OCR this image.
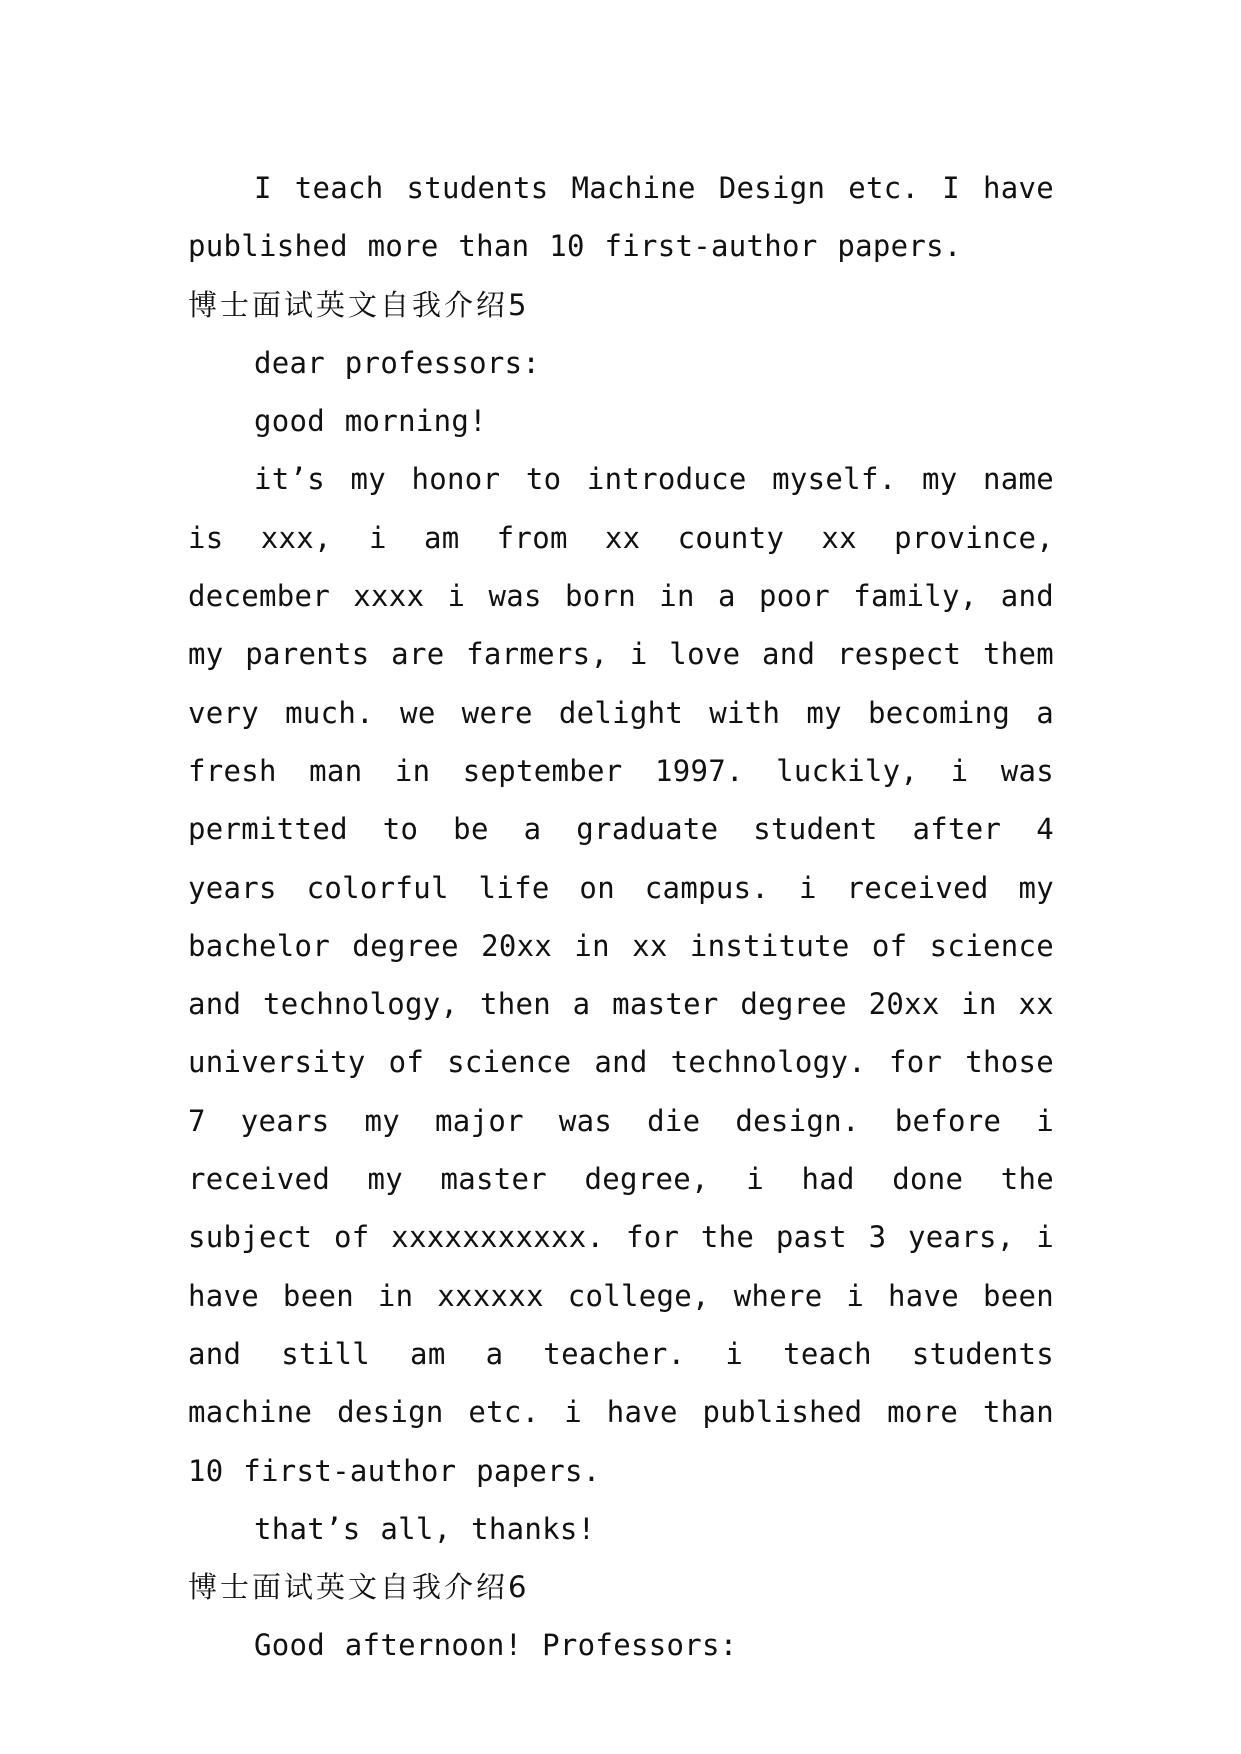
I teach students Machine Design etc. I have published more than 10 first-author papers.

博士面试英文自我介绍5

dear professors:

good morning!

it’s my honor to introduce myself. my name is xxx, i am from xx county xx province, december xxxx i was born in a poor family, and my parents are farmers, i love and respect them very much. we were delight with my becoming a fresh man in september 1997. luckily, i was permitted to be a graduate student after 4 years colorful life on campus. i received my bachelor degree 20xx in xx institute of science and technology, then a master degree 20xx in xx university of science and technology. for those 7 years my major was die design. before i received my master degree, i had done the subject of xxxxxxxxxxx. for the past 3 years, i have been in xxxxxx college, where i have been and still am a teacher. i teach students machine design etc. i have published more than 10 first-author papers.

that’s all, thanks!

博士面试英文自我介绍6

Good afternoon! Professors:
